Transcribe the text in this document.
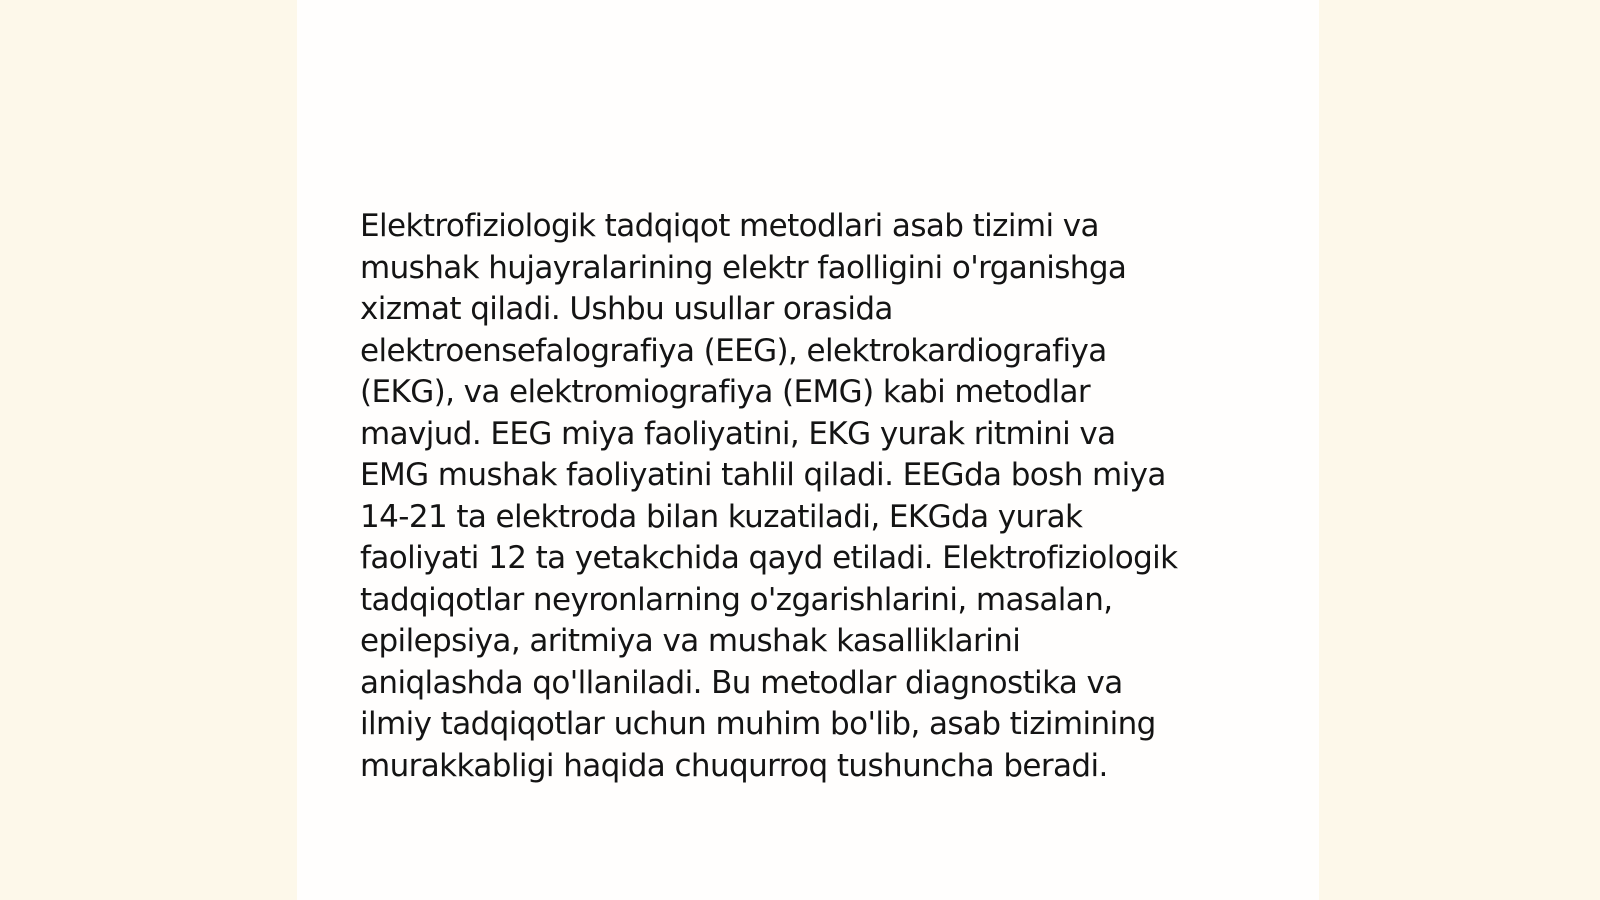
Elektrofiziologik tadqiqot metodlari asab tizimi va
mushak hujayralarining elektr faolligini o'rganishga
xizmat qiladi. Ushbu usullar orasida
elektroensefalografiya (EEG), elektrokardiografiya
(EKG), va elektromiografiya (EMG) kabi metodlar
mavjud. EEG miya faoliyatini, EKG yurak ritmini va
EMG mushak faoliyatini tahlil qiladi. EEGda bosh miya
14-21 ta elektroda bilan kuzatiladi, EKGda yurak
faoliyati 12 ta yetakchida qayd etiladi. Elektrofiziologik
tadqiqotlar neyronlarning o'zgarishlarini, masalan,
epilepsiya, aritmiya va mushak kasalliklarini
aniqlashda qo'llaniladi. Bu metodlar diagnostika va
ilmiy tadqiqotlar uchun muhim bo'lib, asab tizimining
murakkabligi haqida chuqurroq tushuncha beradi.
